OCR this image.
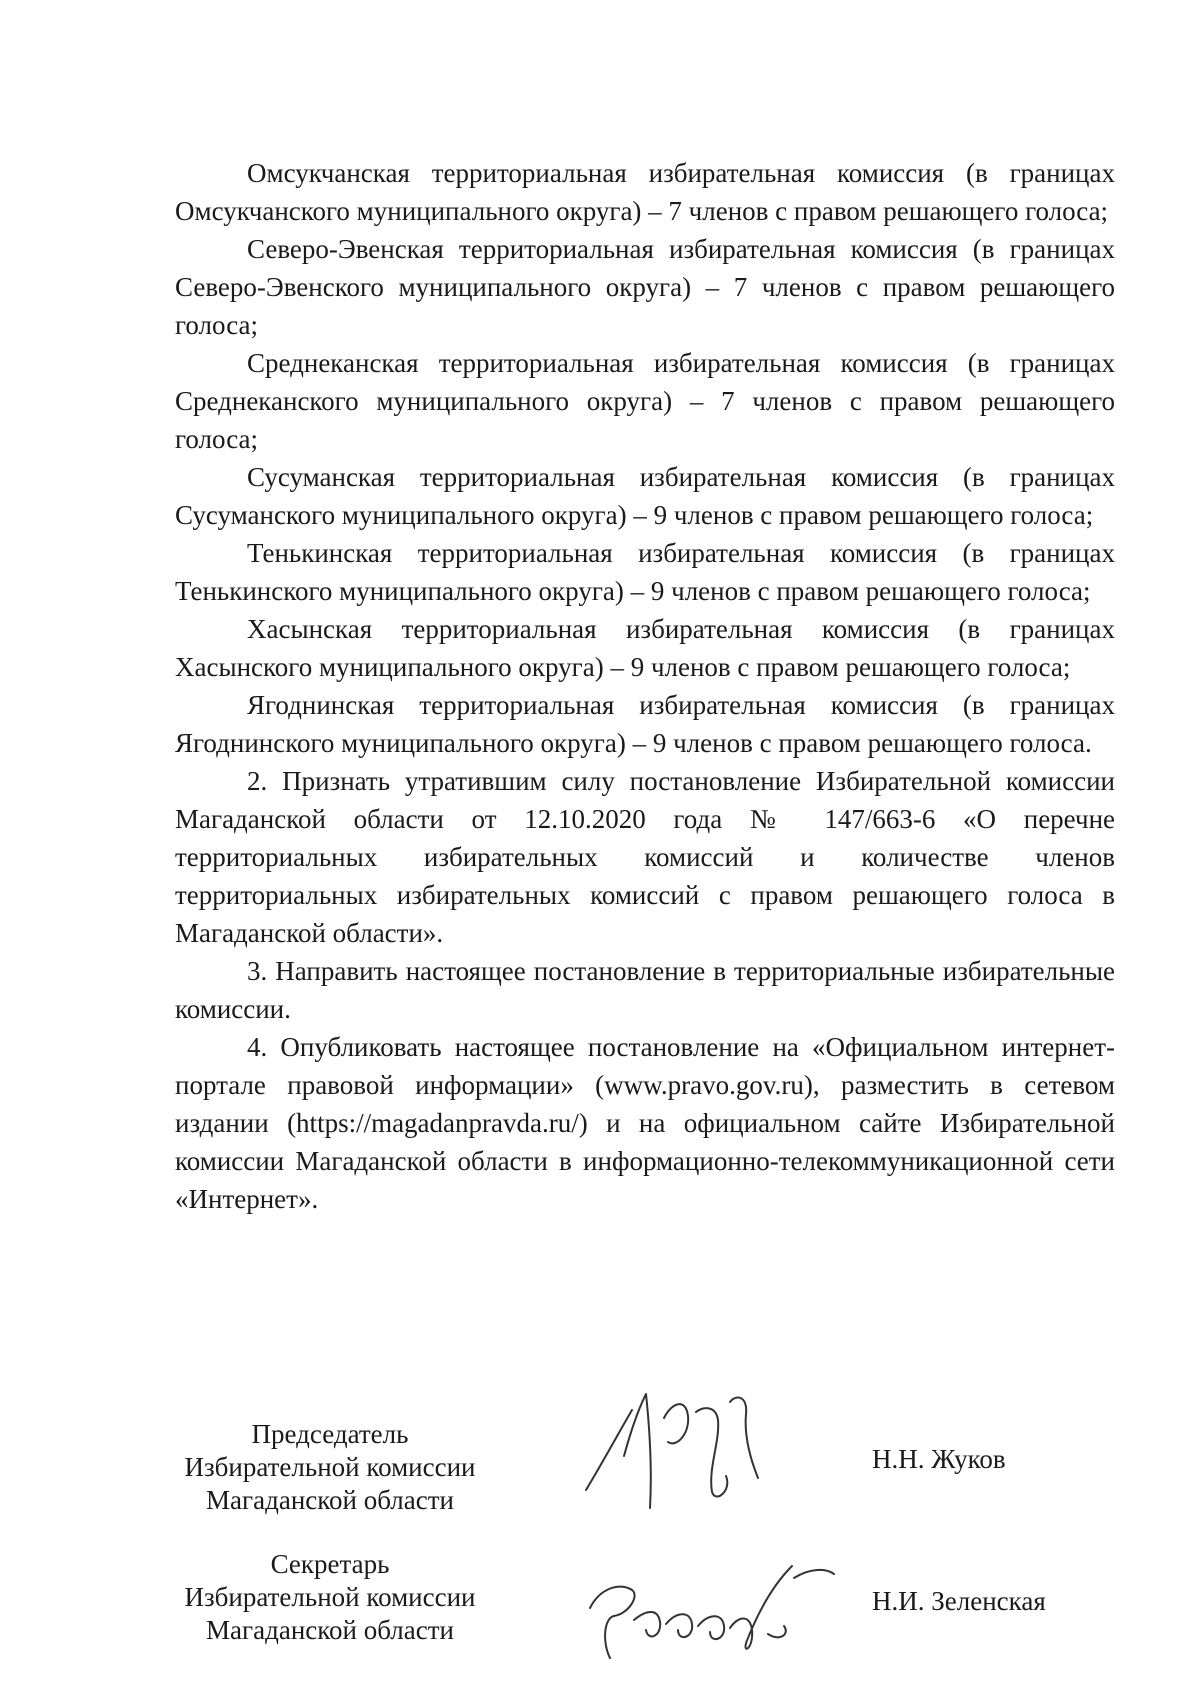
Омсукчанская территориальная избирательная комиссия (в границах Омсукчанского муниципального округа) – 7 членов с правом решающего голоса;

Северо-Эвенская территориальная избирательная комиссия (в границах Северо-Эвенского муниципального округа) – 7 членов с правом решающего голоса;

Среднеканская территориальная избирательная комиссия (в границах Среднеканского муниципального округа) – 7 членов с правом решающего голоса;

Сусуманская территориальная избирательная комиссия (в границах Сусуманского муниципального округа) – 9 членов с правом решающего голоса;

Тенькинская территориальная избирательная комиссия (в границах Тенькинского муниципального округа) – 9 членов с правом решающего голоса;

Хасынская территориальная избирательная комиссия (в границах Хасынского муниципального округа) – 9 членов с правом решающего голоса;

Ягоднинская территориальная избирательная комиссия (в границах Ягоднинского муниципального округа) – 9 членов с правом решающего голоса.

2. Признать утратившим силу постановление Избирательной комиссии Магаданской области от 12.10.2020 года № 147/663-6 «О перечне территориальных избирательных комиссий и количестве членов территориальных избирательных комиссий с правом решающего голоса в Магаданской области».

3. Направить настоящее постановление в территориальные избирательные комиссии.

4. Опубликовать настоящее постановление на «Официальном интернет-портале правовой информации» (www.pravo.gov.ru), разместить в сетевом издании (https://magadanpravda.ru/) и на официальном сайте Избирательной комиссии Магаданской области в информационно-телекоммуникационной сети «Интернет».

Председатель
Избирательной комиссии
Магаданской области
Н.Н. Жуков
Секретарь
Избирательной комиссии
Магаданской области
Н.И. Зеленская
